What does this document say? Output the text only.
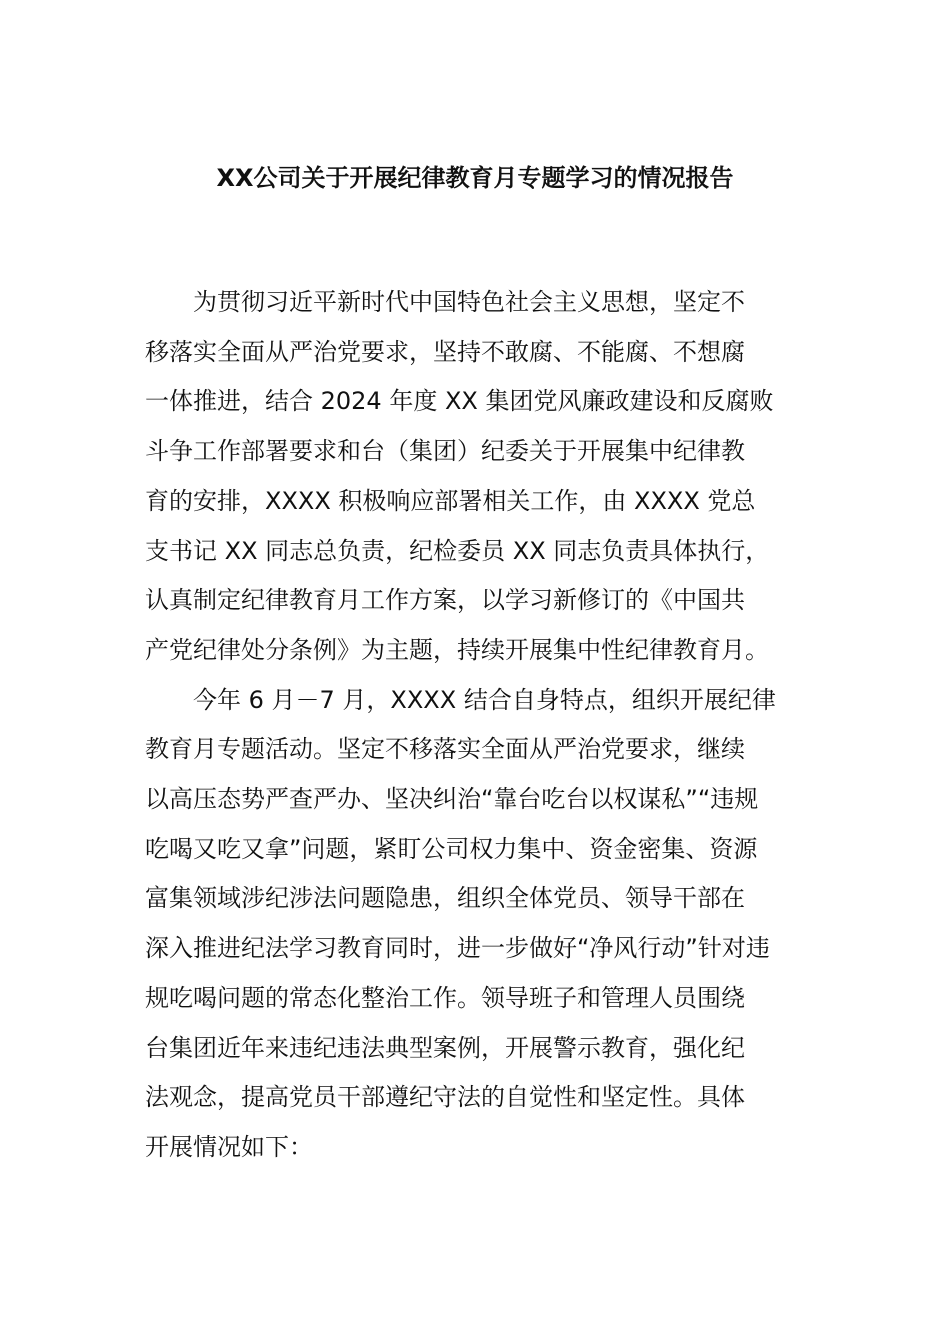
XX公司关于开展纪律教育月专题学习的情况报告

为贯彻习近平新时代中国特色社会主义思想，坚定不
移落实全面从严治党要求，坚持不敢腐、不能腐、不想腐
一体推进，结合 2024 年度 XX 集团党风廉政建设和反腐败
斗争工作部署要求和台（集团）纪委关于开展集中纪律教
育的安排，XXXX 积极响应部署相关工作，由 XXXX 党总
支书记 XX 同志总负责，纪检委员 XX 同志负责具体执行，
认真制定纪律教育月工作方案，以学习新修订的《中国共
产党纪律处分条例》为主题，持续开展集中性纪律教育月。

今年 6 月－7 月，XXXX 结合自身特点，组织开展纪律
教育月专题活动。坚定不移落实全面从严治党要求，继续
以高压态势严查严办、坚决纠治“靠台吃台以权谋私”“违规
吃喝又吃又拿”问题，紧盯公司权力集中、资金密集、资源
富集领域涉纪涉法问题隐患，组织全体党员、领导干部在
深入推进纪法学习教育同时，进一步做好“净风行动”针对违
规吃喝问题的常态化整治工作。领导班子和管理人员围绕
台集团近年来违纪违法典型案例，开展警示教育，强化纪
法观念，提高党员干部遵纪守法的自觉性和坚定性。具体
开展情况如下：
